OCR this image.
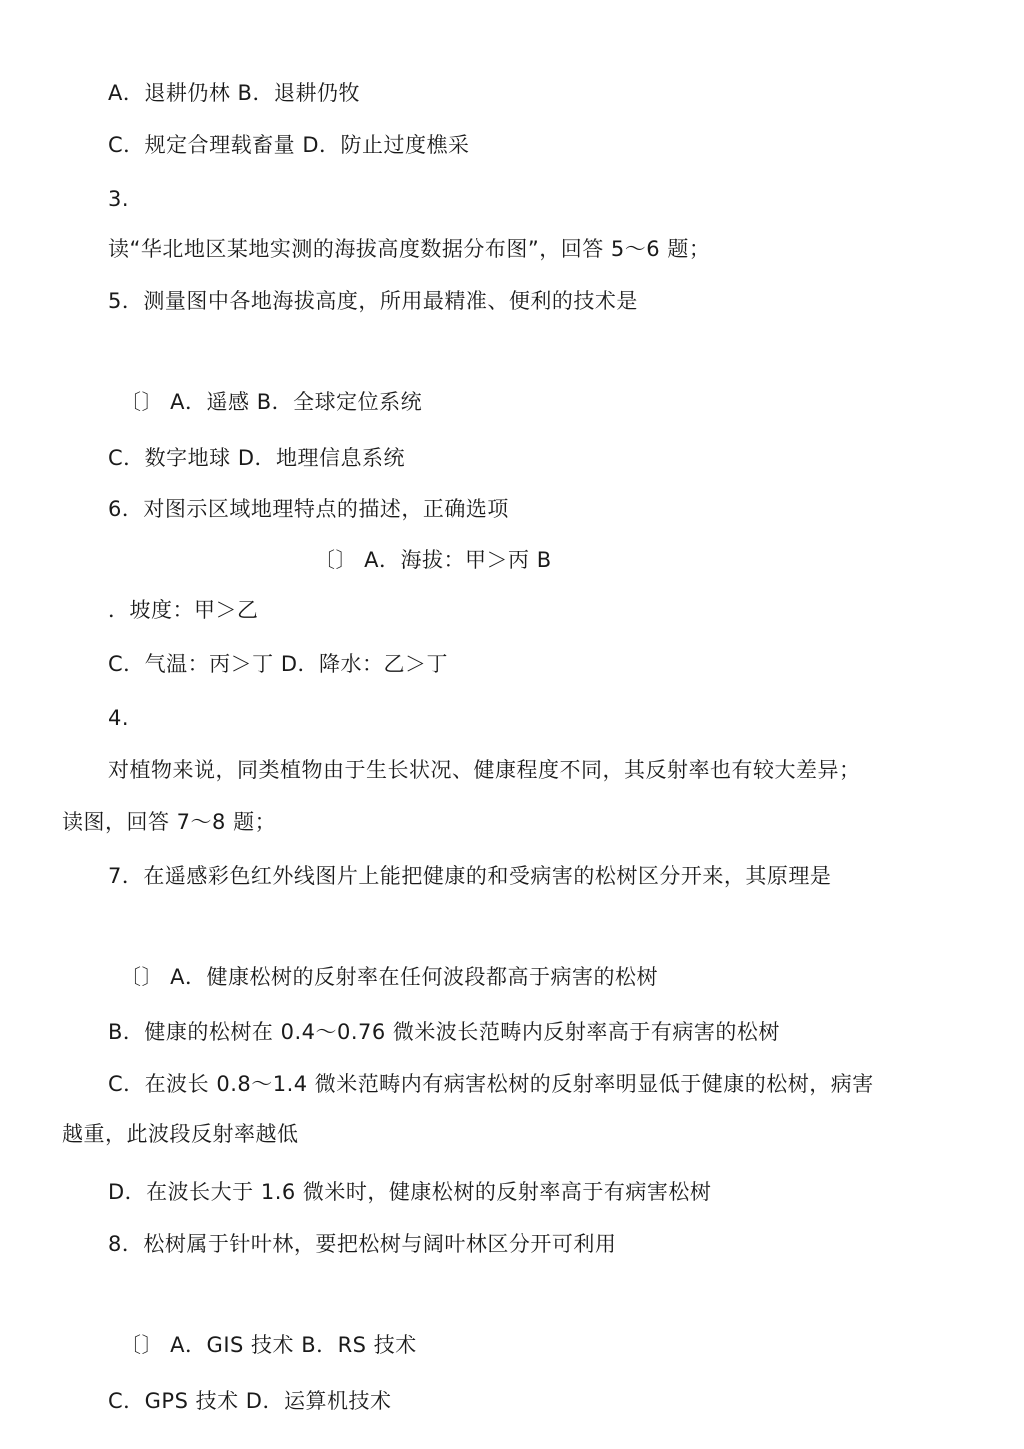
A．退耕仍林 B．退耕仍牧
C．规定合理载畜量 D．防止过度樵采
3.
读“华北地区某地实测的海拔高度数据分布图”，回答 5～6 题；
5．测量图中各地海拔高度，所用最精准、便利的技术是
〔〕 A．遥感 B．全球定位系统
C．数字地球 D．地理信息系统
6．对图示区域地理特点的描述，正确选项
〔〕 A．海拔：甲＞丙 B
．坡度：甲＞乙
C．气温：丙＞丁 D．降水：乙＞丁
4.
对植物来说，同类植物由于生长状况、健康程度不同，其反射率也有较大差异；
读图，回答 7～8 题；
7．在遥感彩色红外线图片上能把健康的和受病害的松树区分开来，其原理是
〔〕 A．健康松树的反射率在任何波段都高于病害的松树
B．健康的松树在 0.4～0.76 微米波长范畴内反射率高于有病害的松树
C．在波长 0.8～1.4 微米范畴内有病害松树的反射率明显低于健康的松树，病害
越重，此波段反射率越低
D．在波长大于 1.6 微米时，健康松树的反射率高于有病害松树
8．松树属于针叶林，要把松树与阔叶林区分开可利用
〔〕 A．GIS 技术 B．RS 技术
C．GPS 技术 D．运算机技术
